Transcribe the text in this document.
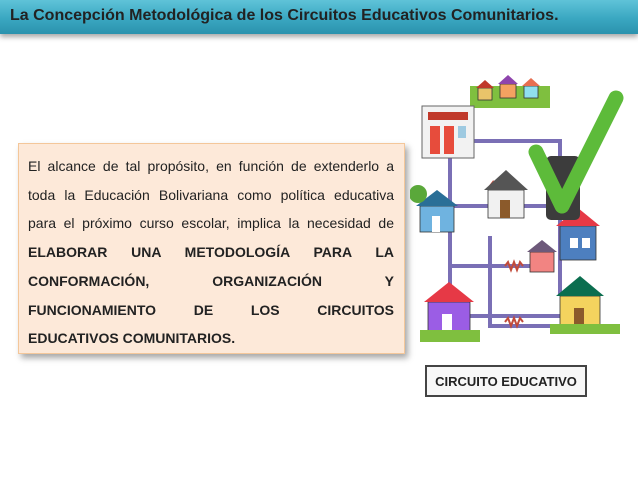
La Concepción Metodológica de los Circuitos Educativos Comunitarios.

El alcance de tal propósito, en función de extenderlo a toda la Educación Bolivariana como política educativa para el próximo curso escolar, implica la necesidad de ELABORAR UNA METODOLOGÍA PARA LA CONFORMACIÓN, ORGANIZACIÓN Y FUNCIONAMIENTO DE LOS CIRCUITOS
EDUCATIVOS COMUNITARIOS.

CIRCUITO EDUCATIVO
